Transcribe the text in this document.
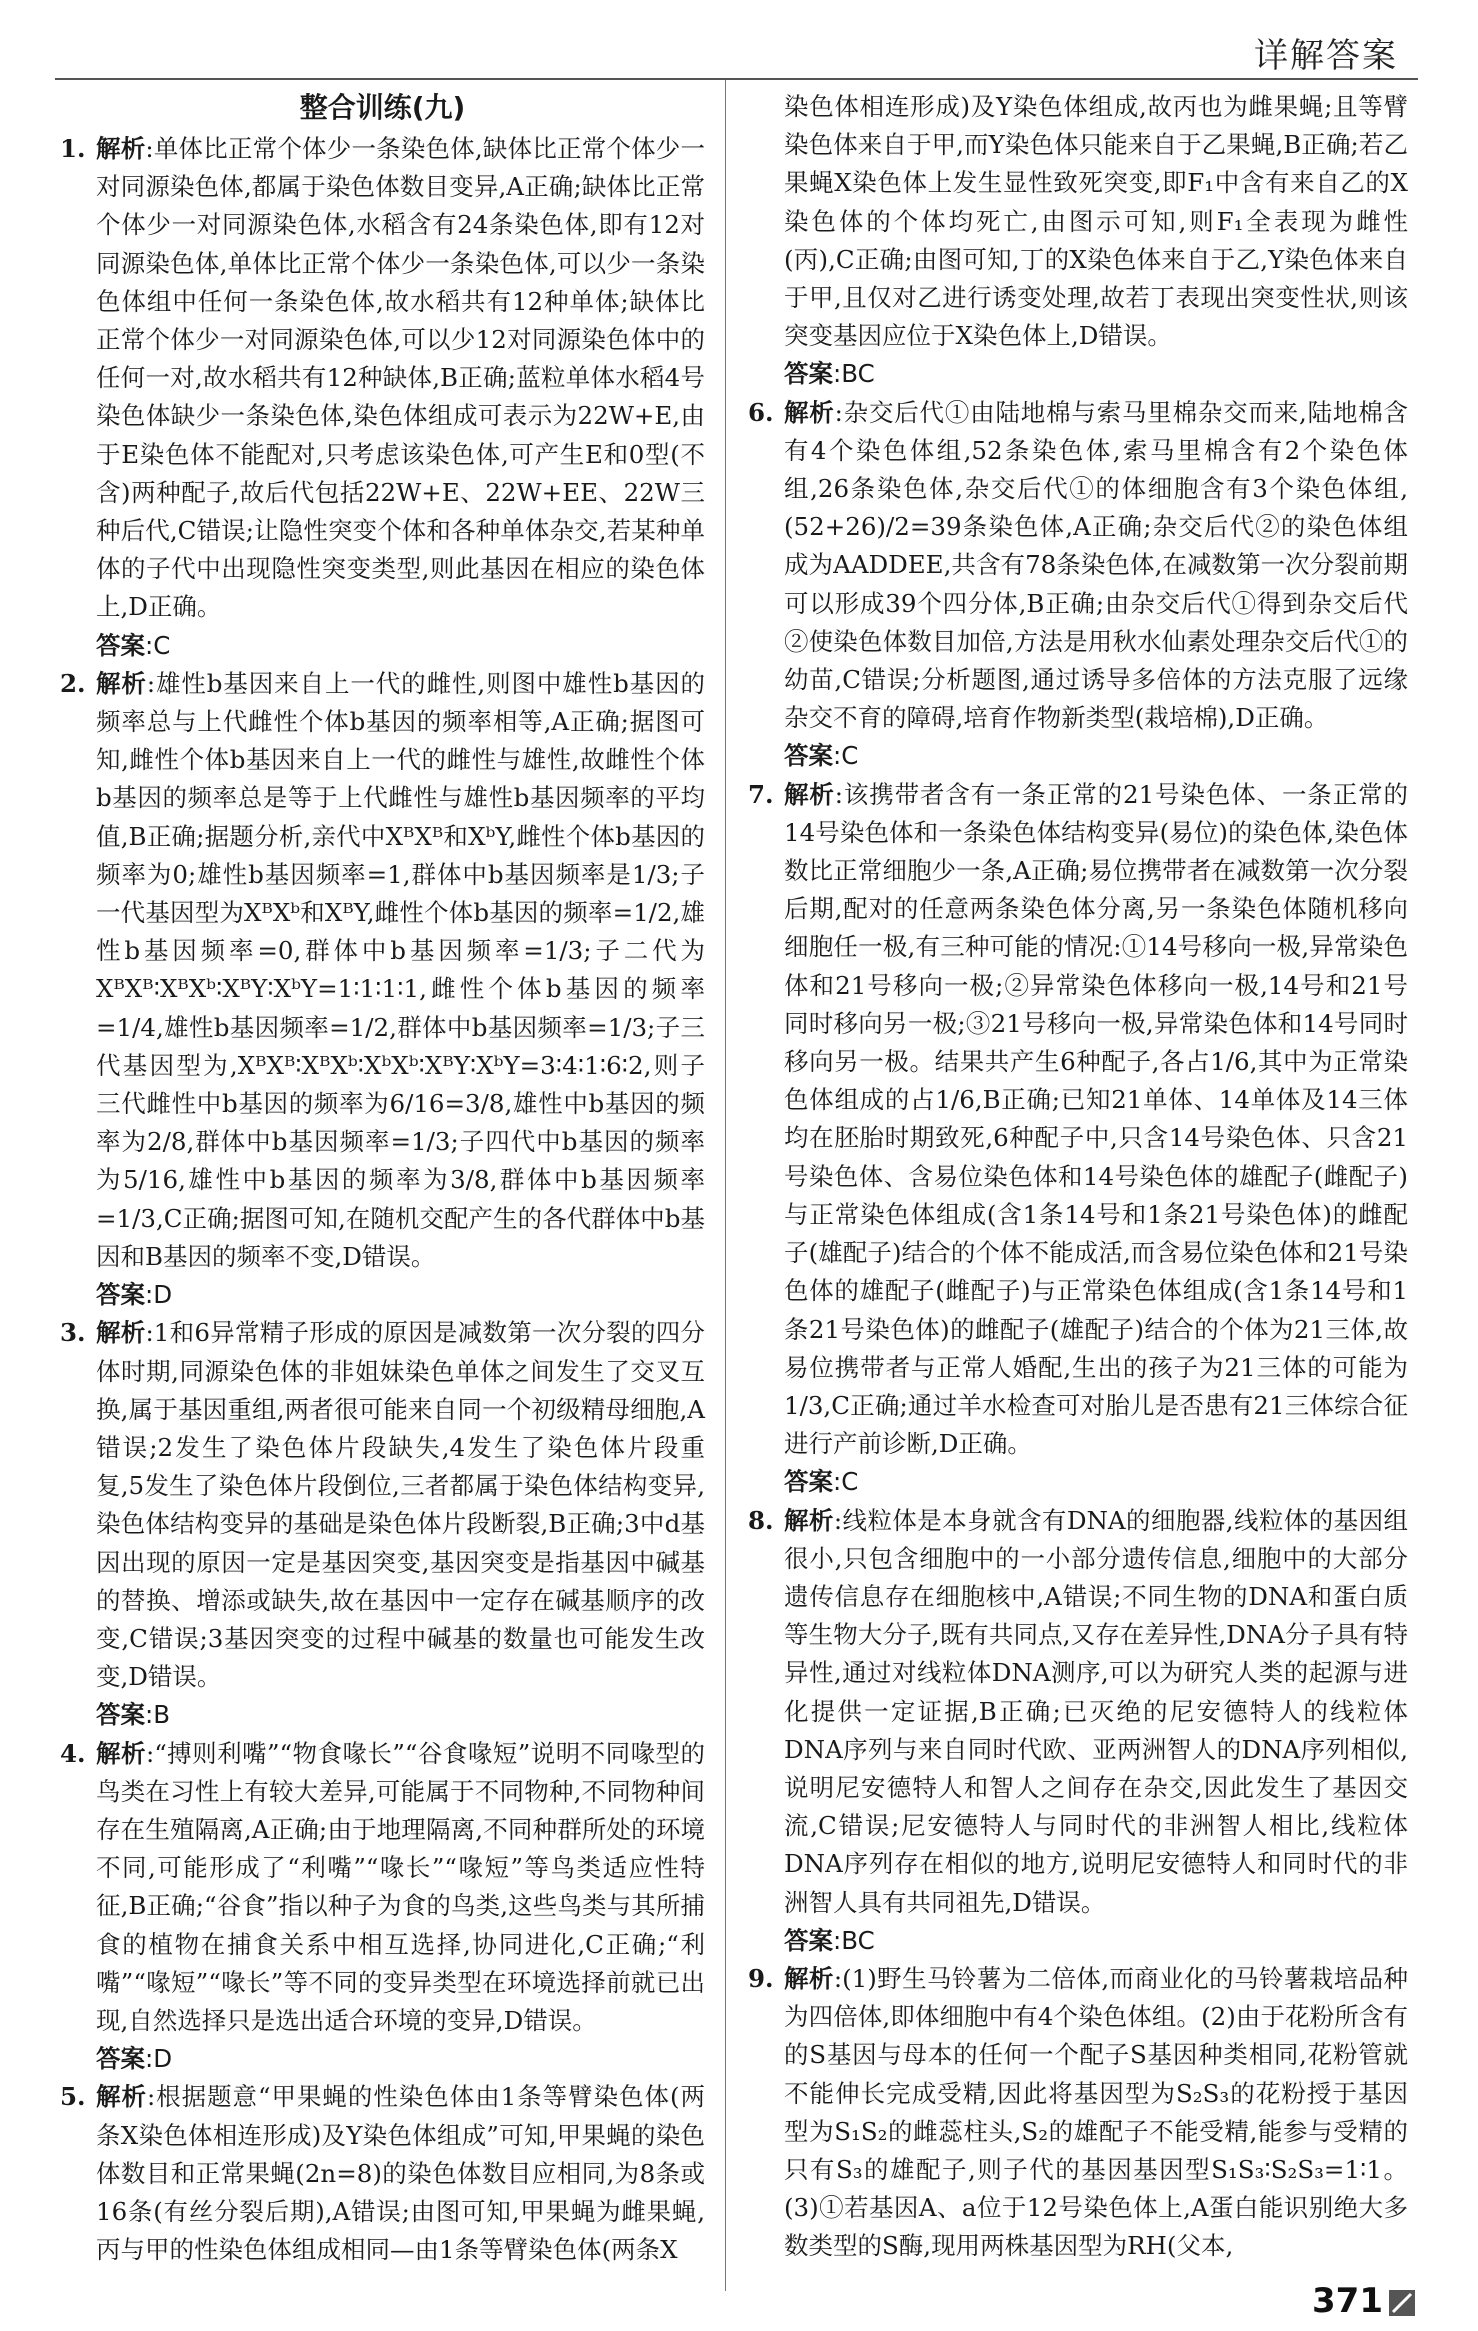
详解答案
整合训练(九)
1. 解析:单体比正常个体少一条染色体,缺体比正常个体少一对同源染色体,都属于染色体数目变异,A正确;缺体比正常个体少一对同源染色体,水稻含有24条染色体,即有12对同源染色体,单体比正常个体少一条染色体,可以少一条染色体组中任何一条染色体,故水稻共有12种单体;缺体比正常个体少一对同源染色体,可以少12对同源染色体中的任何一对,故水稻共有12种缺体,B正确;蓝粒单体水稻4号染色体缺少一条染色体,染色体组成可表示为22W+E,由于E染色体不能配对,只考虑该染色体,可产生E和0型(不含)两种配子,故后代包括22W+E、22W+EE、22W三种后代,C错误;让隐性突变个体和各种单体杂交,若某种单体的子代中出现隐性突变类型,则此基因在相应的染色体上,D正确。
答案:C
2. 解析:雄性b基因来自上一代的雌性,则图中雄性b基因的频率总与上代雌性个体b基因的频率相等,A正确;据图可知,雌性个体b基因来自上一代的雌性与雄性,故雌性个体b基因的频率总是等于上代雌性与雄性b基因频率的平均值,B正确;据题分析,亲代中XᴮXᴮ和XᵇY,雌性个体b基因的频率为0;雄性b基因频率=1,群体中b基因频率是1/3;子一代基因型为XᴮXᵇ和XᴮY,雌性个体b基因的频率=1/2,雄性b基因频率=0,群体中b基因频率=1/3;子二代为XᴮXᴮ∶XᴮXᵇ∶XᴮY∶XᵇY=1∶1∶1∶1,雌性个体b基因的频率=1/4,雄性b基因频率=1/2,群体中b基因频率=1/3;子三代基因型为,XᴮXᴮ∶XᴮXᵇ∶XᵇXᵇ∶XᴮY∶XᵇY=3∶4∶1∶6∶2,则子三代雌性中b基因的频率为6/16=3/8,雄性中b基因的频率为2/8,群体中b基因频率=1/3;子四代中b基因的频率为5/16,雄性中b基因的频率为3/8,群体中b基因频率=1/3,C正确;据图可知,在随机交配产生的各代群体中b基因和B基因的频率不变,D错误。
答案:D
3. 解析:1和6异常精子形成的原因是减数第一次分裂的四分体时期,同源染色体的非姐妹染色单体之间发生了交叉互换,属于基因重组,两者很可能来自同一个初级精母细胞,A错误;2发生了染色体片段缺失,4发生了染色体片段重复,5发生了染色体片段倒位,三者都属于染色体结构变异,染色体结构变异的基础是染色体片段断裂,B正确;3中d基因出现的原因一定是基因突变,基因突变是指基因中碱基的替换、增添或缺失,故在基因中一定存在碱基顺序的改变,C错误;3基因突变的过程中碱基的数量也可能发生改变,D错误。
答案:B
4. 解析:“搏则利嘴”“物食喙长”“谷食喙短”说明不同喙型的鸟类在习性上有较大差异,可能属于不同物种,不同物种间存在生殖隔离,A正确;由于地理隔离,不同种群所处的环境不同,可能形成了“利嘴”“喙长”“喙短”等鸟类适应性特征,B正确;“谷食”指以种子为食的鸟类,这些鸟类与其所捕食的植物在捕食关系中相互选择,协同进化,C正确;“利嘴”“喙短”“喙长”等不同的变异类型在环境选择前就已出现,自然选择只是选出适合环境的变异,D错误。
答案:D
5. 解析:根据题意“甲果蝇的性染色体由1条等臂染色体(两条X染色体相连形成)及Y染色体组成”可知,甲果蝇的染色体数目和正常果蝇(2n=8)的染色体数目应相同,为8条或16条(有丝分裂后期),A错误;由图可知,甲果蝇为雌果蝇,丙与甲的性染色体组成相同—由1条等臂染色体(两条X
染色体相连形成)及Y染色体组成,故丙也为雌果蝇;且等臂染色体来自于甲,而Y染色体只能来自于乙果蝇,B正确;若乙果蝇X染色体上发生显性致死突变,即F₁中含有来自乙的X染色体的个体均死亡,由图示可知,则F₁全表现为雌性(丙),C正确;由图可知,丁的X染色体来自于乙,Y染色体来自于甲,且仅对乙进行诱变处理,故若丁表现出突变性状,则该突变基因应位于X染色体上,D错误。
答案:BC
6. 解析:杂交后代①由陆地棉与索马里棉杂交而来,陆地棉含有4个染色体组,52条染色体,索马里棉含有2个染色体组,26条染色体,杂交后代①的体细胞含有3个染色体组,(52+26)/2=39条染色体,A正确;杂交后代②的染色体组成为AADDEE,共含有78条染色体,在减数第一次分裂前期可以形成39个四分体,B正确;由杂交后代①得到杂交后代②使染色体数目加倍,方法是用秋水仙素处理杂交后代①的幼苗,C错误;分析题图,通过诱导多倍体的方法克服了远缘杂交不育的障碍,培育作物新类型(栽培棉),D正确。
答案:C
7. 解析:该携带者含有一条正常的21号染色体、一条正常的14号染色体和一条染色体结构变异(易位)的染色体,染色体数比正常细胞少一条,A正确;易位携带者在减数第一次分裂后期,配对的任意两条染色体分离,另一条染色体随机移向细胞任一极,有三种可能的情况:①14号移向一极,异常染色体和21号移向一极;②异常染色体移向一极,14号和21号同时移向另一极;③21号移向一极,异常染色体和14号同时移向另一极。结果共产生6种配子,各占1/6,其中为正常染色体组成的占1/6,B正确;已知21单体、14单体及14三体均在胚胎时期致死,6种配子中,只含14号染色体、只含21号染色体、含易位染色体和14号染色体的雄配子(雌配子)与正常染色体组成(含1条14号和1条21号染色体)的雌配子(雄配子)结合的个体不能成活,而含易位染色体和21号染色体的雄配子(雌配子)与正常染色体组成(含1条14号和1条21号染色体)的雌配子(雄配子)结合的个体为21三体,故易位携带者与正常人婚配,生出的孩子为21三体的可能为1/3,C正确;通过羊水检查可对胎儿是否患有21三体综合征进行产前诊断,D正确。
答案:C
8. 解析:线粒体是本身就含有DNA的细胞器,线粒体的基因组很小,只包含细胞中的一小部分遗传信息,细胞中的大部分遗传信息存在细胞核中,A错误;不同生物的DNA和蛋白质等生物大分子,既有共同点,又存在差异性,DNA分子具有特异性,通过对线粒体DNA测序,可以为研究人类的起源与进化提供一定证据,B正确;已灭绝的尼安德特人的线粒体DNA序列与来自同时代欧、亚两洲智人的DNA序列相似,说明尼安德特人和智人之间存在杂交,因此发生了基因交流,C错误;尼安德特人与同时代的非洲智人相比,线粒体DNA序列存在相似的地方,说明尼安德特人和同时代的非洲智人具有共同祖先,D错误。
答案:BC
9. 解析:(1)野生马铃薯为二倍体,而商业化的马铃薯栽培品种为四倍体,即体细胞中有4个染色体组。(2)由于花粉所含有的S基因与母本的任何一个配子S基因种类相同,花粉管就不能伸长完成受精,因此将基因型为S₂S₃的花粉授于基因型为S₁S₂的雌蕊柱头,S₂的雄配子不能受精,能参与受精的只有S₃的雄配子,则子代的基因基因型S₁S₃∶S₂S₃=1∶1。(3)①若基因A、a位于12号染色体上,A蛋白能识别绝大多数类型的S酶,现用两株基因型为RH(父本,
371
